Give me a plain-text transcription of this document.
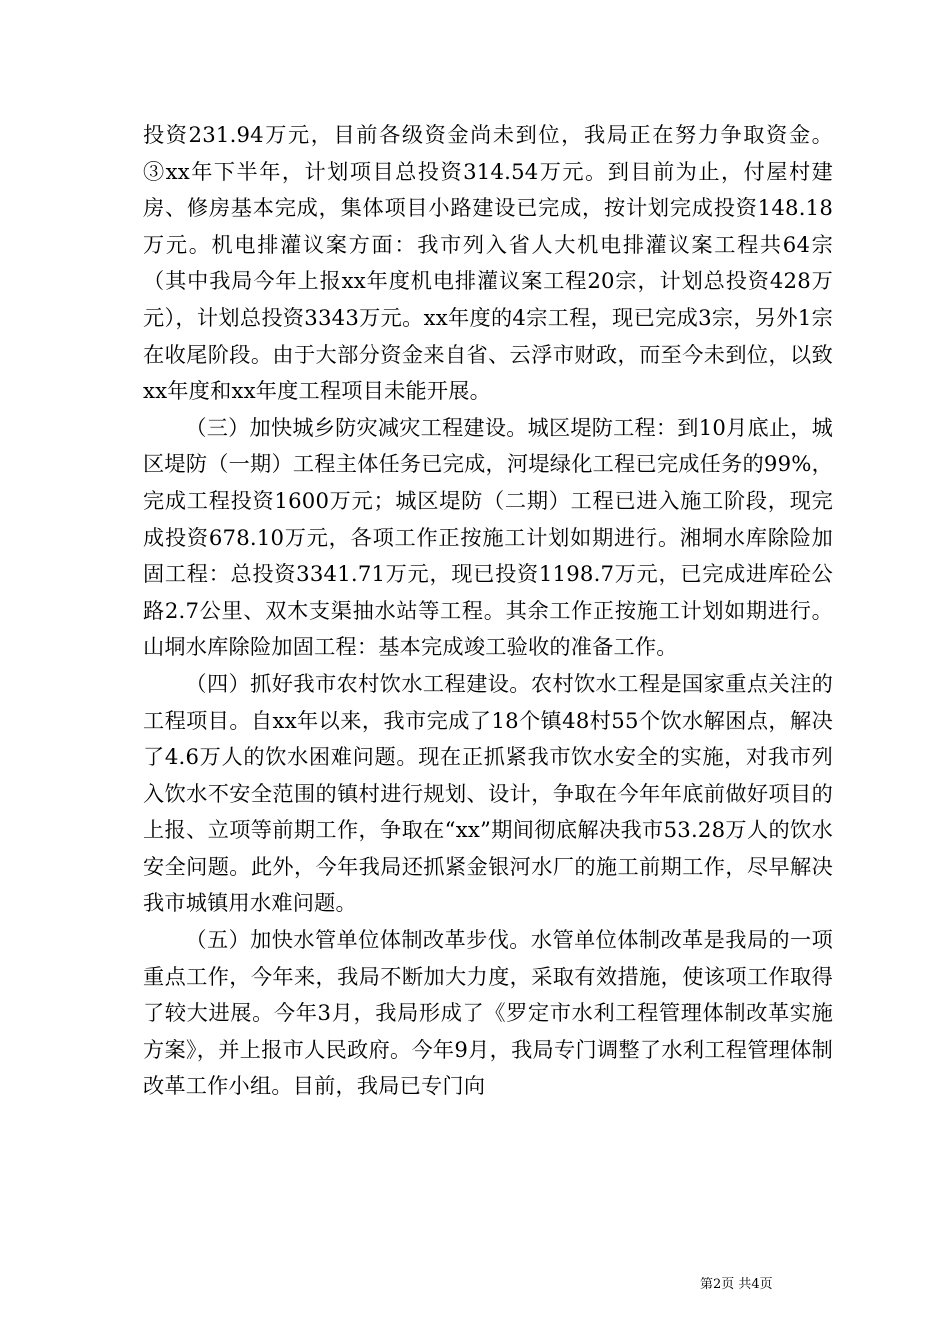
投资231.94万元，目前各级资金尚未到位，我局正在努力争取资金。③xx年下半年，计划项目总投资314.54万元。到目前为止，付屋村建房、修房基本完成，集体项目小路建设已完成，按计划完成投资148.18万元。机电排灌议案方面：我市列入省人大机电排灌议案工程共64宗（其中我局今年上报xx年度机电排灌议案工程20宗，计划总投资428万元），计划总投资3343万元。xx年度的4宗工程，现已完成3宗，另外1宗在收尾阶段。由于大部分资金来自省、云浮市财政，而至今未到位，以致xx年度和xx年度工程项目未能开展。

（三）加快城乡防灾减灾工程建设。城区堤防工程：到10月底止，城区堤防（一期）工程主体任务已完成，河堤绿化工程已完成任务的99%，完成工程投资1600万元；城区堤防（二期）工程已进入施工阶段，现完成投资678.10万元，各项工作正按施工计划如期进行。湘垌水库除险加固工程：总投资3341.71万元，现已投资1198.7万元，已完成进库砼公路2.7公里、双木支渠抽水站等工程。其余工作正按施工计划如期进行。山垌水库除险加固工程：基本完成竣工验收的准备工作。

（四）抓好我市农村饮水工程建设。农村饮水工程是国家重点关注的工程项目。自xx年以来，我市完成了18个镇48村55个饮水解困点，解决了4.6万人的饮水困难问题。现在正抓紧我市饮水安全的实施，对我市列入饮水不安全范围的镇村进行规划、设计，争取在今年年底前做好项目的上报、立项等前期工作，争取在“xx”期间彻底解决我市53.28万人的饮水安全问题。此外，今年我局还抓紧金银河水厂的施工前期工作，尽早解决我市城镇用水难问题。

（五）加快水管单位体制改革步伐。水管单位体制改革是我局的一项重点工作，今年来，我局不断加大力度，采取有效措施，使该项工作取得了较大进展。今年3月，我局形成了《罗定市水利工程管理体制改革实施方案》，并上报市人民政府。今年9月，我局专门调整了水利工程管理体制改革工作小组。目前，我局已专门向

第2页 共4页
